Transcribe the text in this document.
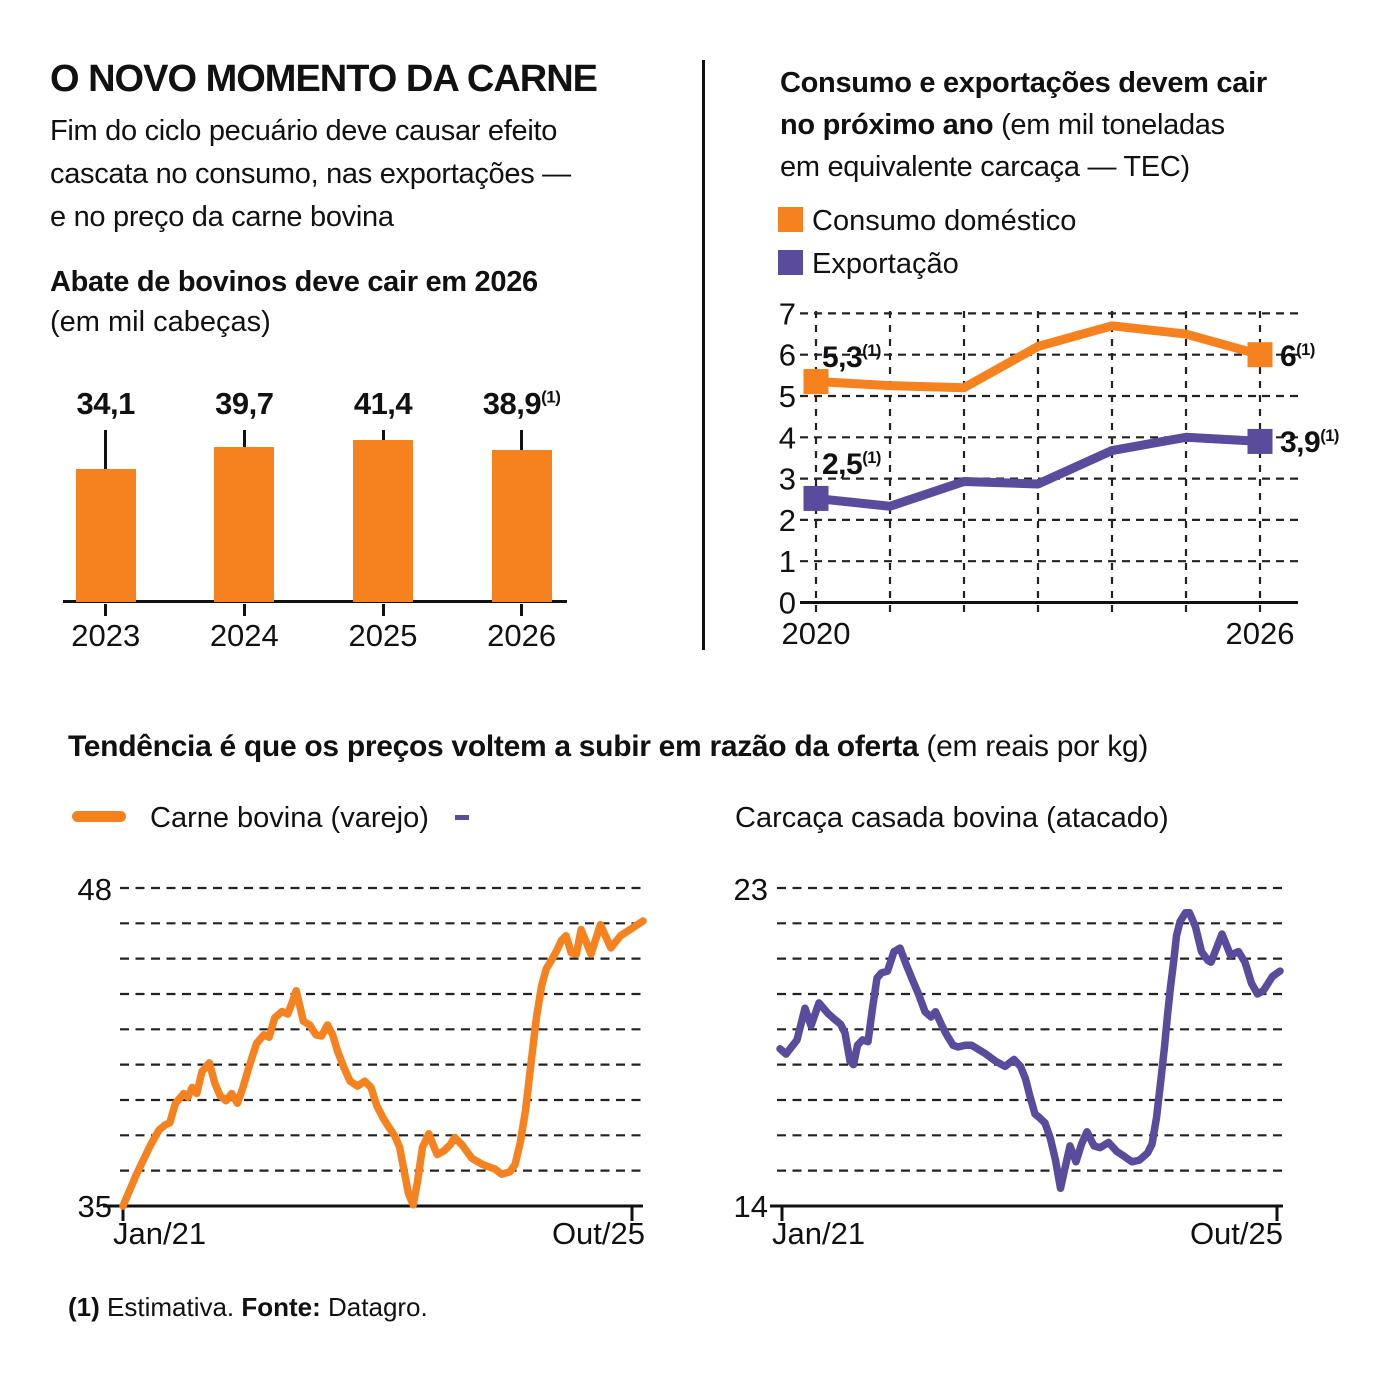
O NOVO MOMENTO DA CARNE
Fim do ciclo pecuário deve causar efeito
cascata no consumo, nas exportações —
e no preço da carne bovina
Abate de bovinos deve cair em 2026
(em mil cabeças)
34,1
2023
39,7
2024
41,4
2025
38,9$^{(1)}$
2026
Consumo e exportações devem cair
no próximo ano (em mil toneladas
em equivalente carcaça — TEC)
Consumo doméstico
Exportação
7
6
5
4
3
2
1
0
5,3$^{(1)}$
2,5$^{(1)}$
6$^{(1)}$
3,9$^{(1)}$
2020	2026
Tendência é que os preços voltem a subir em razão da oferta (em reais por kg)
Carne bovina (varejo)	Carcaça casada bovina (atacado)
48
35
Jan/21	Out/25
23
14
Jan/21	Out/25
(1) Estimativa. Fonte: Datagro.
